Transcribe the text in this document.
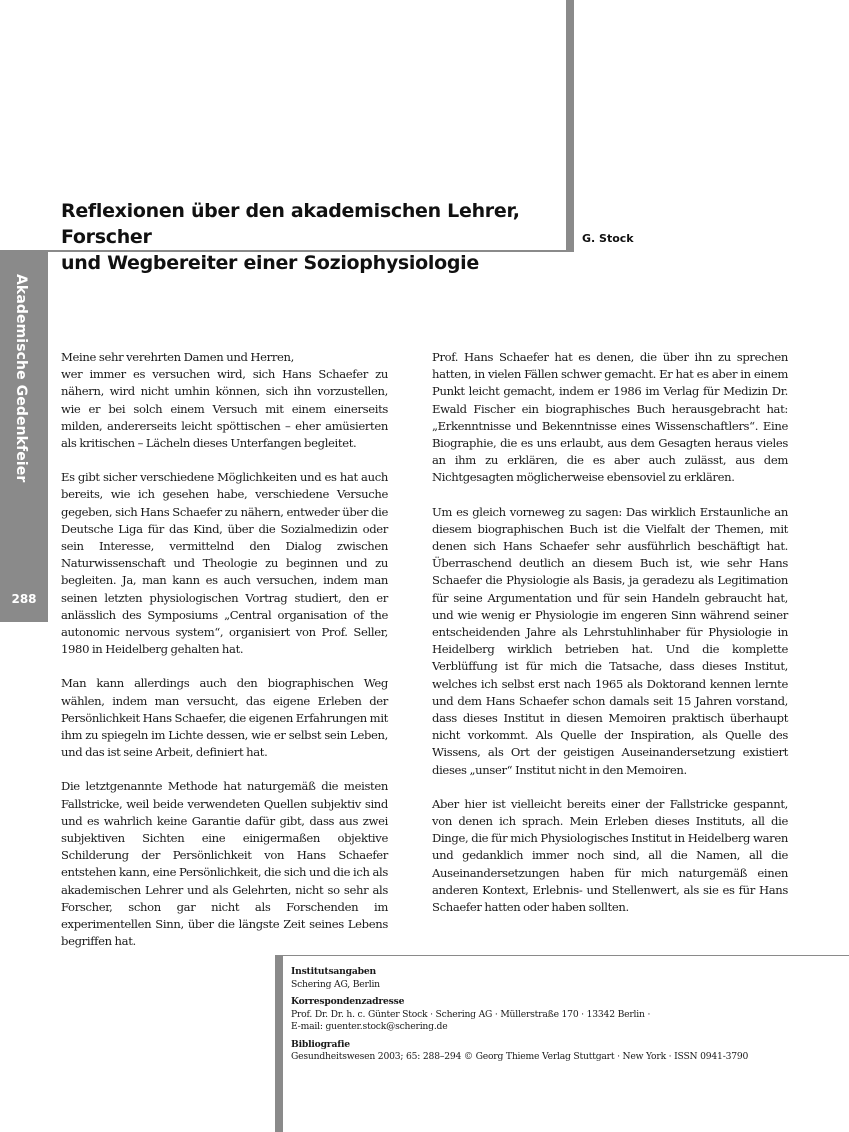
Reflexionen über den akademischen Lehrer, Forscher
und Wegbereiter einer Soziophysiologie
G. Stock
Akademische Gedenkfeier
288

Meine sehr verehrten Damen und Herren,
wer immer es versuchen wird, sich Hans Schaefer zu nähern, wird nicht umhin können, sich ihn vorzustellen, wie er bei solch einem Versuch mit einem einerseits milden, andererseits leicht spöttischen – eher amüsierten als kritischen – Lächeln dieses Unterfangen begleitet.

Es gibt sicher verschiedene Möglichkeiten und es hat auch bereits, wie ich gesehen habe, verschiedene Versuche gegeben, sich Hans Schaefer zu nähern, entweder über die Deutsche Liga für das Kind, über die Sozialmedizin oder sein Interesse, vermittelnd den Dialog zwischen Naturwissenschaft und Theologie zu beginnen und zu begleiten. Ja, man kann es auch versuchen, indem man seinen letzten physiologischen Vortrag studiert, den er anlässlich des Symposiums „Central organisation of the autonomic nervous system“, organisiert von Prof. Seller, 1980 in Heidelberg gehalten hat.

Man kann allerdings auch den biographischen Weg wählen, indem man versucht, das eigene Erleben der Persönlichkeit Hans Schaefer, die eigenen Erfahrungen mit ihm zu spiegeln im Lichte dessen, wie er selbst sein Leben, und das ist seine Arbeit, definiert hat.

Die letztgenannte Methode hat naturgemäß die meisten Fallstricke, weil beide verwendeten Quellen subjektiv sind und es wahrlich keine Garantie dafür gibt, dass aus zwei subjektiven Sichten eine einigermaßen objektive Schilderung der Persönlichkeit von Hans Schaefer entstehen kann, eine Persönlichkeit, die sich und die ich als akademischen Lehrer und als Gelehrten, nicht so sehr als Forscher, schon gar nicht als Forschenden im experimentellen Sinn, über die längste Zeit seines Lebens begriffen hat.

Prof. Hans Schaefer hat es denen, die über ihn zu sprechen hatten, in vielen Fällen schwer gemacht. Er hat es aber in einem Punkt leicht gemacht, indem er 1986 im Verlag für Medizin Dr. Ewald Fischer ein biographisches Buch herausgebracht hat: „Erkenntnisse und Bekenntnisse eines Wissenschaftlers“. Eine Biographie, die es uns erlaubt, aus dem Gesagten heraus vieles an ihm zu erklären, die es aber auch zulässt, aus dem Nichtgesagten möglicherweise ebensoviel zu erklären.

Um es gleich vorneweg zu sagen: Das wirklich Erstaunliche an diesem biographischen Buch ist die Vielfalt der Themen, mit denen sich Hans Schaefer sehr ausführlich beschäftigt hat. Überraschend deutlich an diesem Buch ist, wie sehr Hans Schaefer die Physiologie als Basis, ja geradezu als Legitimation für seine Argumentation und für sein Handeln gebraucht hat, und wie wenig er Physiologie im engeren Sinn während seiner entscheidenden Jahre als Lehrstuhlinhaber für Physiologie in Heidelberg wirklich betrieben hat. Und die komplette Verblüffung ist für mich die Tatsache, dass dieses Institut, welches ich selbst erst nach 1965 als Doktorand kennen lernte und dem Hans Schaefer schon damals seit 15 Jahren vorstand, dass dieses Institut in diesen Memoiren praktisch überhaupt nicht vorkommt. Als Quelle der Inspiration, als Quelle des Wissens, als Ort der geistigen Auseinandersetzung existiert dieses „unser“ Institut nicht in den Memoiren.

Aber hier ist vielleicht bereits einer der Fallstricke gespannt, von denen ich sprach. Mein Erleben dieses Instituts, all die Dinge, die für mich Physiologisches Institut in Heidelberg waren und gedanklich immer noch sind, all die Namen, all die Auseinandersetzungen haben für mich naturgemäß einen anderen Kontext, Erlebnis- und Stellenwert, als sie es für Hans Schaefer hatten oder haben sollten.

Institutsangaben
Schering AG, Berlin
Korrespondenzadresse
Prof. Dr. Dr. h. c. Günter Stock · Schering AG · Müllerstraße 170 · 13342 Berlin ·
E-mail: guenter.stock@schering.de
Bibliografie
Gesundheitswesen 2003; 65: 288–294 © Georg Thieme Verlag Stuttgart · New York · ISSN 0941-3790
